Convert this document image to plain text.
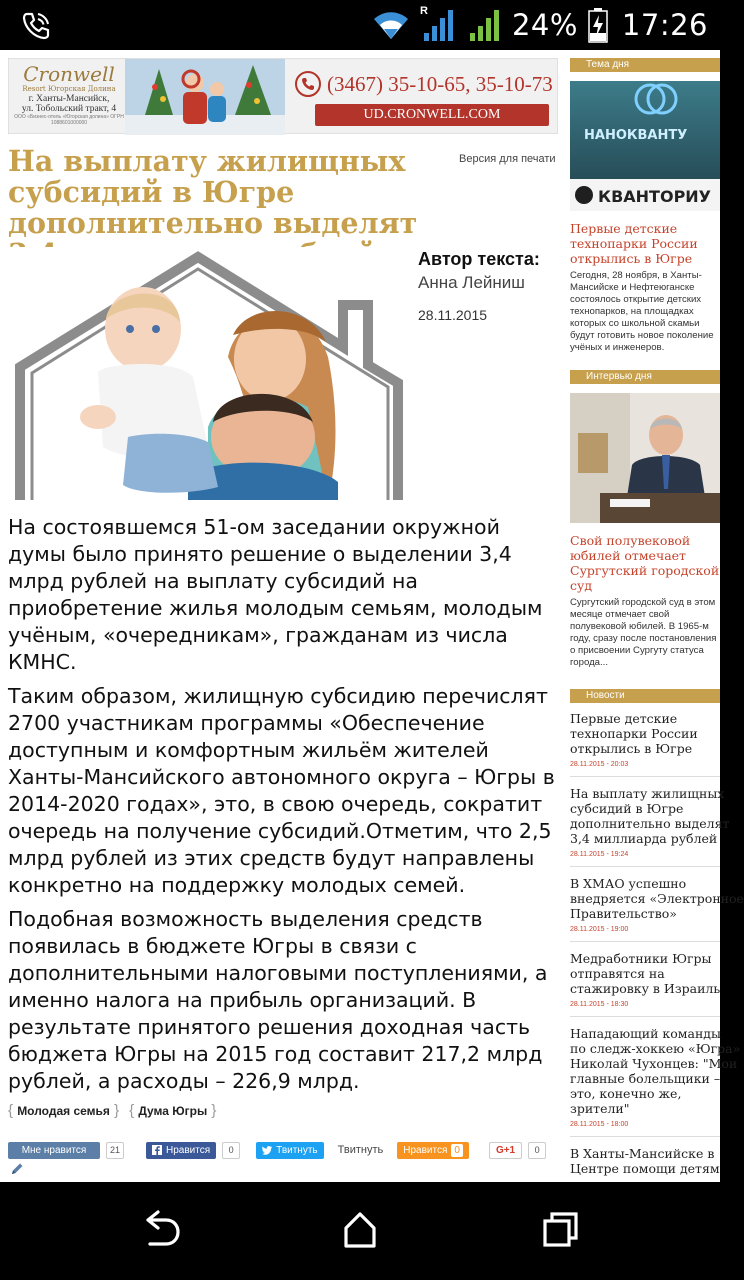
R	24% 17:26
Cronwell
Resort Югорская Долина
г. Ханты-Мансийск,
ул. Тобольский тракт, 4
ООО «Бизнес-отель «Югорская долина» ОГРН 1088601000000
(3467) 35-10-65, 35-10-73
UD.CRONWELL.COM
На выплату жилищных субсидий в Югре дополнительно выделят
Версия для печати
Автор текста:
Анна Лейниш
28.11.2015

На состоявшемся 51-ом заседании окружной думы было принято решение о выделении 3,4 млрд рублей на выплату субсидий на приобретение жилья молодым семьям, молодым учёным, «очередникам», гражданам из числа КМНС.

Таким образом, жилищную субсидию перечислят 2700 участникам программы «Обеспечение доступным и комфортным жильём жителей Ханты-Мансийского автономного округа – Югры в 2014-2020 годах», это, в свою очередь, сократит очередь на получение субсидий.Отметим, что 2,5 млрд рублей из этих средств будут направлены конкретно на поддержку молодых семей.

Подобная возможность выделения средств появилась в бюджете Югры в связи с дополнительными налоговыми поступлениями, а именно налога на прибыль организаций. В результате принятого решения доходная часть бюджета Югры на 2015 год составит 217,2 млрд рублей, а расходы – 226,9 млрд.

{ Молодая семья } { Дума Югры }
Мне нравится	21	Нравится	0	Твитнуть Твитнуть Нравится 0	G+1	0
Тема дня
НАНОКВАНТУ
КВАНТОРИУ
Первые детские
технопарки России
открылись в Югре
Сегодня, 28 ноября, в Ханты-
Мансийске и Нефтеюганске
состоялось открытие детских
технопарков, на площадках
которых со школьной скамьи
будут готовить новое поколение
учёных и инженеров.
Интервью дня
Свой полувековой
юбилей отмечает
Сургутский городской
суд
Сургутский городской суд в этом
месяце отмечает свой
полувековой юбилей. В 1965-м
году, сразу после постановления
о присвоении Сургуту статуса
города...
Новости
Первые детские
технопарки России
открылись в Югре
28.11.2015 - 20:03
На выплату жилищных
субсидий в Югре
дополнительно выделят
3,4 миллиарда рублей
28.11.2015 - 19:24
В ХМАО успешно
внедряется «Электронное
Правительство»
28.11.2015 - 19:00
Медработники Югры
отправятся на
стажировку в Израиль
28.11.2015 - 18:30
Нападающий команды
по следж-хоккею «Югра»
Николай Чухонцев: "Мои
главные болельщики –
это, конечно же,
зрители"
28.11.2015 - 18:00
В Ханты-Мансийске в
Центре помощи детям
